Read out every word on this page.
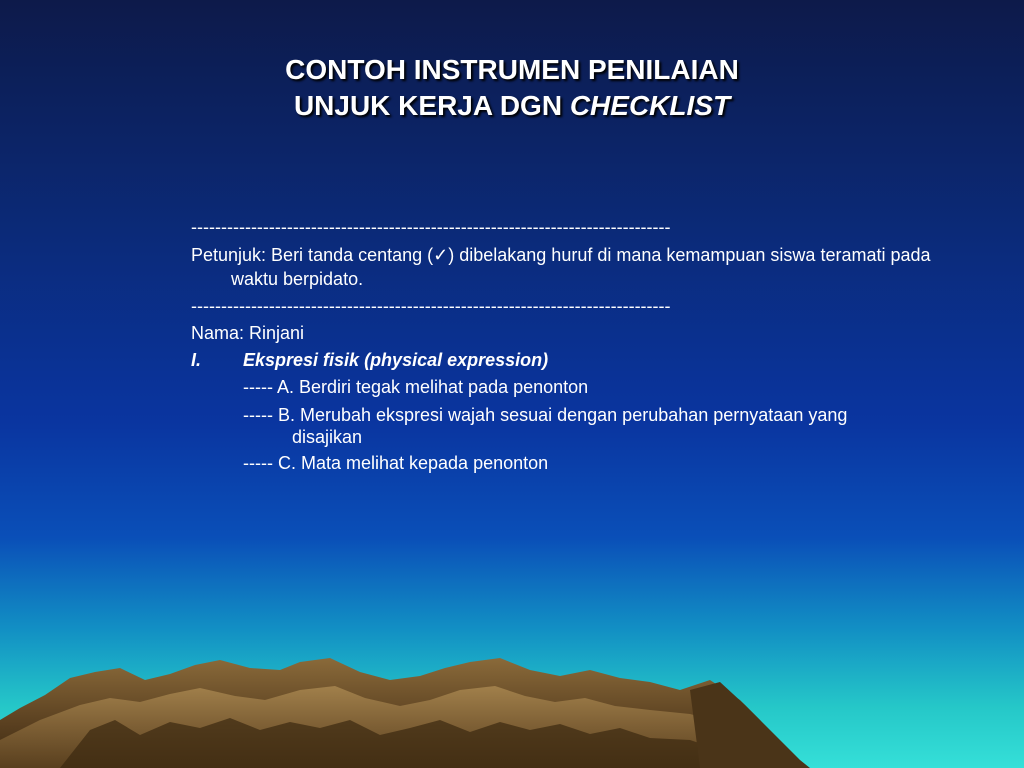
CONTOH INSTRUMEN PENILAIAN
UNJUK KERJA DGN CHECKLIST
--------------------------------------------------------------------------------
Petunjuk: Beri tanda centang (✓) dibelakang huruf di mana kemampuan siswa teramati pada waktu berpidato.
--------------------------------------------------------------------------------
Nama: Rinjani
I.	Ekspresi fisik (physical expression)
----- A. Berdiri tegak melihat pada penonton
----- B. Merubah ekspresi wajah sesuai dengan perubahan pernyataan yang disajikan
----- C. Mata melihat kepada penonton
